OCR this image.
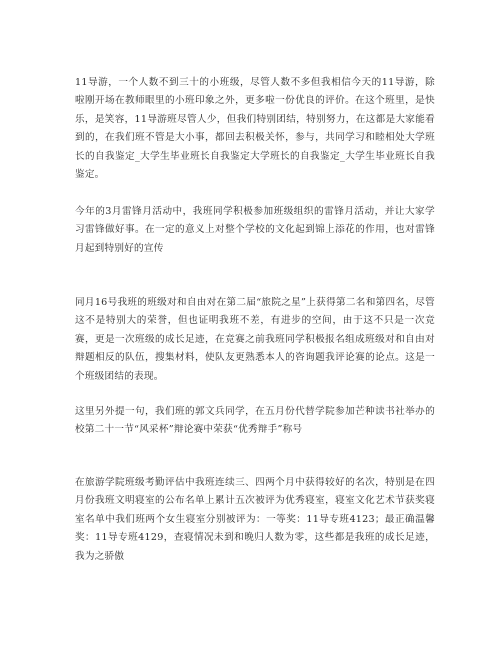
11导游，一个人数不到三十的小班级，尽管人数不多但我相信今天的11导游，除啦刚开场在教师眼里的小班印象之外，更多啦一份优良的评价。在这个班里，是快乐，是笑容，11导游班尽管人少，但我们特别团结，特别努力，在这都是大家能看到的，在我们班不管是大小事，都回去积极关怀，参与，共同学习和睦相处大学班长的自我鉴定_大学生毕业班长自我鉴定大学班长的自我鉴定_大学生毕业班长自我鉴定。

今年的3月雷锋月活动中，我班同学积极参加班级组织的雷锋月活动，并让大家学习雷锋做好事。在一定的意义上对整个学校的文化起到锦上添花的作用，也对雷锋月起到特别好的宣传

同月16号我班的班级对和自由对在第二届“旅院之星”上获得第二名和第四名，尽管这不是特别大的荣誉，但也证明我班不差，有进步的空间，由于这不只是一次竞赛，更是一次班级的成长足迹，在竞赛之前我班同学积极报名组成班级对和自由对辩题相反的队伍，搜集材料，使队友更熟悉本人的咨询题我评论赛的论点。这是一个班级团结的表现。

这里另外提一句，我们班的郭文兵同学，在五月份代替学院参加芒种读书社举办的校第二十一节“风采杯”辩论赛中荣获“优秀辩手”称号

在旅游学院班级考勤评估中我班连续三、四两个月中获得较好的名次，特别是在四月份我班文明寝室的公布名单上累计五次被评为优秀寝室，寝室文化艺术节获奖寝室名单中我们班两个女生寝室分别被评为：一等奖：11导专班4123；最正确温馨奖：11导专班4129，查寝情况未到和晚归人数为零，这些都是我班的成长足迹，我为之骄傲
